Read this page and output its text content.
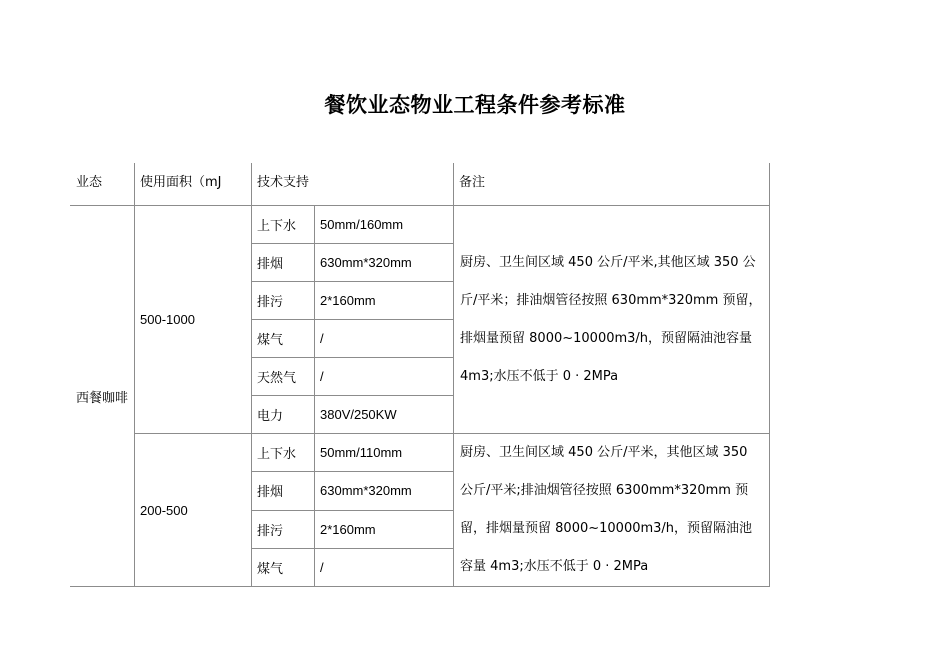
餐饮业态物业工程条件参考标准
业态	使用面积（mJ	技术支持		备注
西餐咖啡	500-1000	上下水	50mm/160mm	厨房、卫生间区域 450 公斤/平米,其他区域 350 公斤/平米；排油烟管径按照 630mm*320mm 预留，排烟量预留 8000~10000m3/h，预留隔油池容量 4m3;水压不低于 0 · 2MPa
		排烟	630mm*320mm	
		排污	2*160mm	
		煤气	/	
		天然气	/	
		电力	380V/250KW	
	200-500	上下水	50mm/110mm	厨房、卫生间区域 450 公斤/平米，其他区域 350 公斤/平米;排油烟管径按照 6300mm*320mm 预留，排烟量预留 8000~10000m3/h，预留隔油池容量 4m3;水压不低于 0 · 2MPa
		排烟	630mm*320mm	
		排污	2*160mm	
		煤气	/	
